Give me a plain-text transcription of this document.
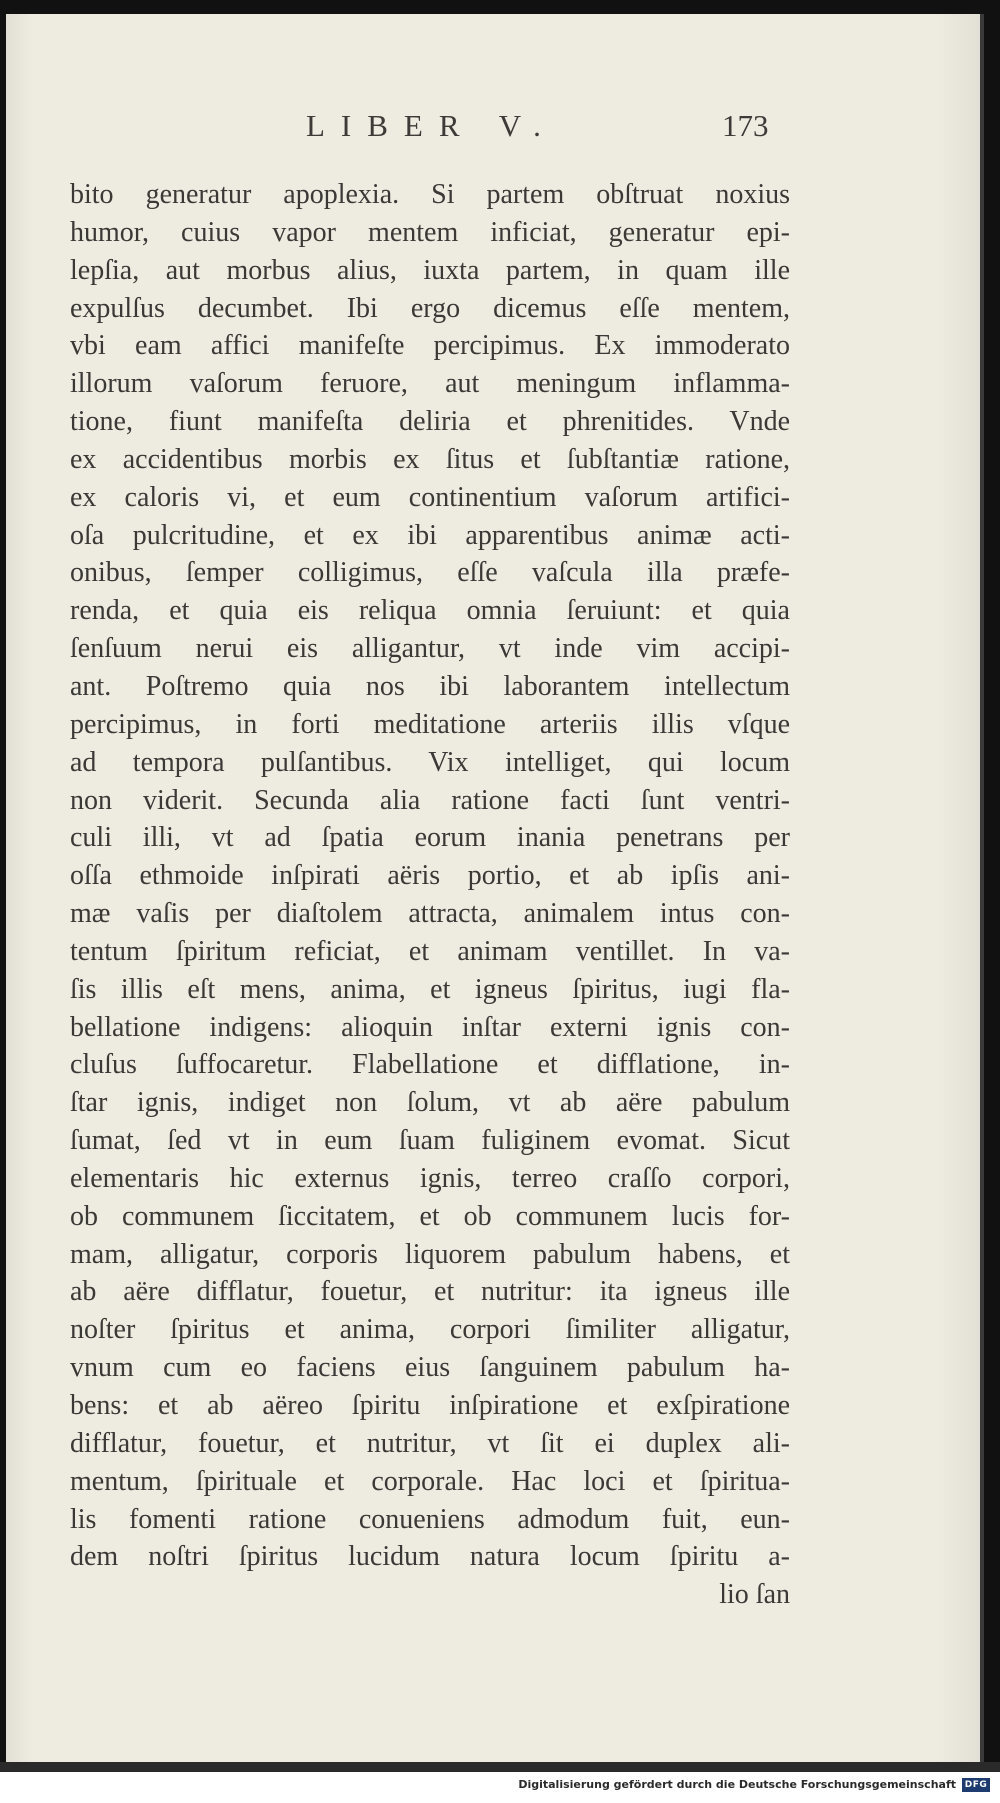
LIBER V.	173
bito generatur apoplexia. Si partem obſtruat noxius
humor, cuius vapor mentem inficiat, generatur epi-
lepſia, aut morbus alius, iuxta partem, in quam ille
expulſus decumbet. Ibi ergo dicemus eſſe mentem,
vbi eam affici manifeſte percipimus. Ex immoderato
illorum vaſorum feruore, aut meningum inflamma-
tione, fiunt manifeſta deliria et phrenitides. Vnde
ex accidentibus morbis ex ſitus et ſubſtantiæ ratione,
ex caloris vi, et eum continentium vaſorum artifici-
oſa pulcritudine, et ex ibi apparentibus animæ acti-
onibus, ſemper colligimus, eſſe vaſcula illa præfe-
renda, et quia eis reliqua omnia ſeruiunt: et quia
ſenſuum nerui eis alligantur, vt inde vim accipi-
ant. Poſtremo quia nos ibi laborantem intellectum
percipimus, in forti meditatione arteriis illis vſque
ad tempora pulſantibus. Vix intelliget, qui locum
non viderit. Secunda alia ratione facti ſunt ventri-
culi illi, vt ad ſpatia eorum inania penetrans per
oſſa ethmoide inſpirati aëris portio, et ab ipſis ani-
mæ vaſis per diaſtolem attracta, animalem intus con-
tentum ſpiritum reficiat, et animam ventillet. In va-
ſis illis eſt mens, anima, et igneus ſpiritus, iugi fla-
bellatione indigens: alioquin inſtar externi ignis con-
cluſus ſuffocaretur. Flabellatione et difflatione, in-
ſtar ignis, indiget non ſolum, vt ab aëre pabulum
ſumat, ſed vt in eum ſuam fuliginem evomat. Sicut
elementaris hic externus ignis, terreo craſſo corpori,
ob communem ſiccitatem, et ob communem lucis for-
mam, alligatur, corporis liquorem pabulum habens, et
ab aëre difflatur, fouetur, et nutritur: ita igneus ille
noſter ſpiritus et anima, corpori ſimiliter alligatur,
vnum cum eo faciens eius ſanguinem pabulum ha-
bens: et ab aëreo ſpiritu inſpiratione et exſpiratione
difflatur, fouetur, et nutritur, vt ſit ei duplex ali-
mentum, ſpirituale et corporale. Hac loci et ſpiritua-
lis fomenti ratione conueniens admodum fuit, eun-
dem noſtri ſpiritus lucidum natura locum ſpiritu a-
lio ſan
Digitalisierung gefördert durch die Deutsche Forschungsgemeinschaft DFG
